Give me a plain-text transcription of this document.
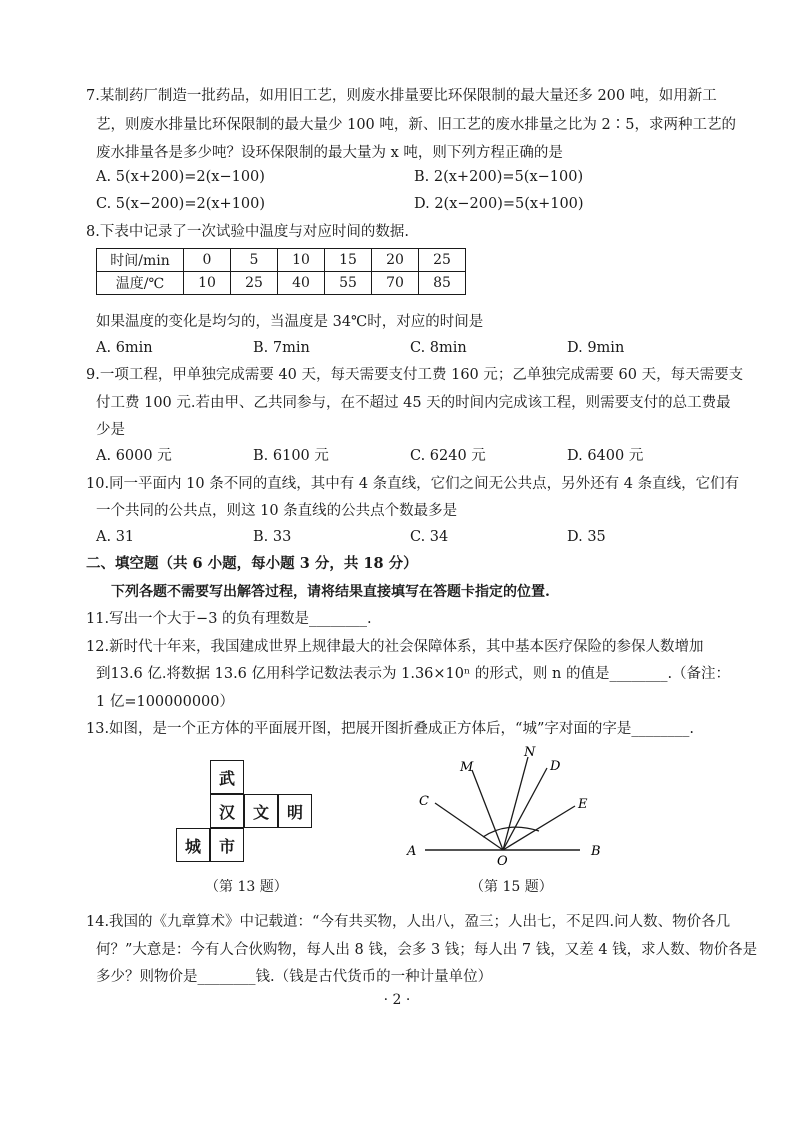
7.某制药厂制造一批药品，如用旧工艺，则废水排量要比环保限制的最大量还多 200 吨，如用新工
艺，则废水排量比环保限制的最大量少 100 吨，新、旧工艺的废水排量之比为 2∶5，求两种工艺的
废水排量各是多少吨？设环保限制的最大量为 x 吨，则下列方程正确的是
A. 5(x+200)=2(x−100)	B. 2(x+200)=5(x−100)
C. 5(x−200)=2(x+100)	D. 2(x−200)=5(x+100)
8.下表中记录了一次试验中温度与对应时间的数据.
时间/min	0	5	10	15	20	25
温度/℃	10	25	40	55	70	85
如果温度的变化是均匀的，当温度是 34℃时，对应的时间是
A. 6min	B. 7min	C. 8min	D. 9min
9.一项工程，甲单独完成需要 40 天，每天需要支付工费 160 元；乙单独完成需要 60 天，每天需要支
付工费 100 元.若由甲、乙共同参与，在不超过 45 天的时间内完成该工程，则需要支付的总工费最
少是
A. 6000 元	B. 6100 元	C. 6240 元	D. 6400 元
10.同一平面内 10 条不同的直线，其中有 4 条直线，它们之间无公共点，另外还有 4 条直线，它们有
一个共同的公共点，则这 10 条直线的公共点个数最多是
A. 31	B. 33	C. 34	D. 35
二、填空题（共 6 小题，每小题 3 分，共 18 分）
下列各题不需要写出解答过程，请将结果直接填写在答题卡指定的位置.
11.写出一个大于−3 的负有理数是________.
12.新时代十年来，我国建成世界上规律最大的社会保障体系，其中基本医疗保险的参保人数增加
到13.6 亿.将数据 13.6 亿用科学记数法表示为 1.36×10ⁿ 的形式，则 n 的值是________.（备注：
1 亿=100000000）
13.如图，是一个正方体的平面展开图，把展开图折叠成正方体后，“城”字对面的字是________.
武
汉	文	明
城	市
（第 13 题）
M
N
D
C	E
A
O
B
（第 15 题）
14.我国的《九章算术》中记载道：“今有共买物，人出八，盈三；人出七，不足四.问人数、物价各几
何？”大意是：今有人合伙购物，每人出 8 钱，会多 3 钱；每人出 7 钱，又差 4 钱，求人数、物价各是
多少？则物价是________钱.（钱是古代货币的一种计量单位）
· 2 ·
